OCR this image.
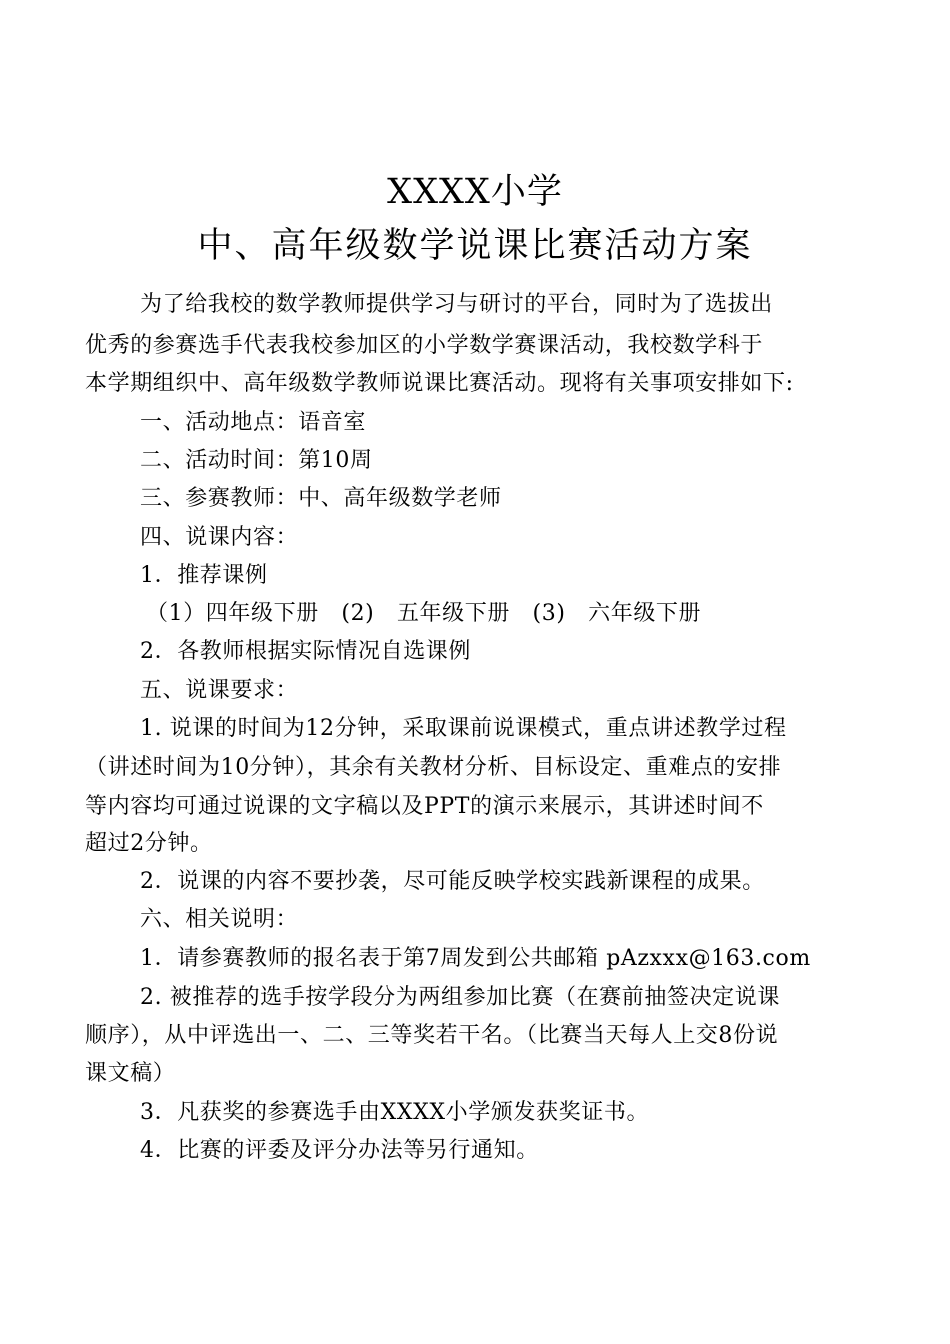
XXXX小学
中、高年级数学说课比赛活动方案
为了给我校的数学教师提供学习与研讨的平台，同时为了选拔出
优秀的参赛选手代表我校参加区的小学数学赛课活动，我校数学科于
本学期组织中、高年级数学教师说课比赛活动。现将有关事项安排如下:
一、活动地点：语音室
二、活动时间：第10周
三、参赛教师：中、高年级数学老师
四、说课内容：
1．推荐课例
（1）四年级下册　(2)　五年级下册　(3)　六年级下册
2．各教师根据实际情况自选课例
五、说课要求：
1. 说课的时间为12分钟，采取课前说课模式，重点讲述教学过程
（讲述时间为10分钟），其余有关教材分析、目标设定、重难点的安排
等内容均可通过说课的文字稿以及PPT的演示来展示，其讲述时间不
超过2分钟。
2．说课的内容不要抄袭，尽可能反映学校实践新课程的成果。
六、相关说明：
1．请参赛教师的报名表于第7周发到公共邮箱 pAzxxx@163.com
2. 被推荐的选手按学段分为两组参加比赛（在赛前抽签决定说课
顺序），从中评选出一、二、三等奖若干名。（比赛当天每人上交8份说
课文稿）
3．凡获奖的参赛选手由XXXX小学颁发获奖证书。
4．比赛的评委及评分办法等另行通知。
